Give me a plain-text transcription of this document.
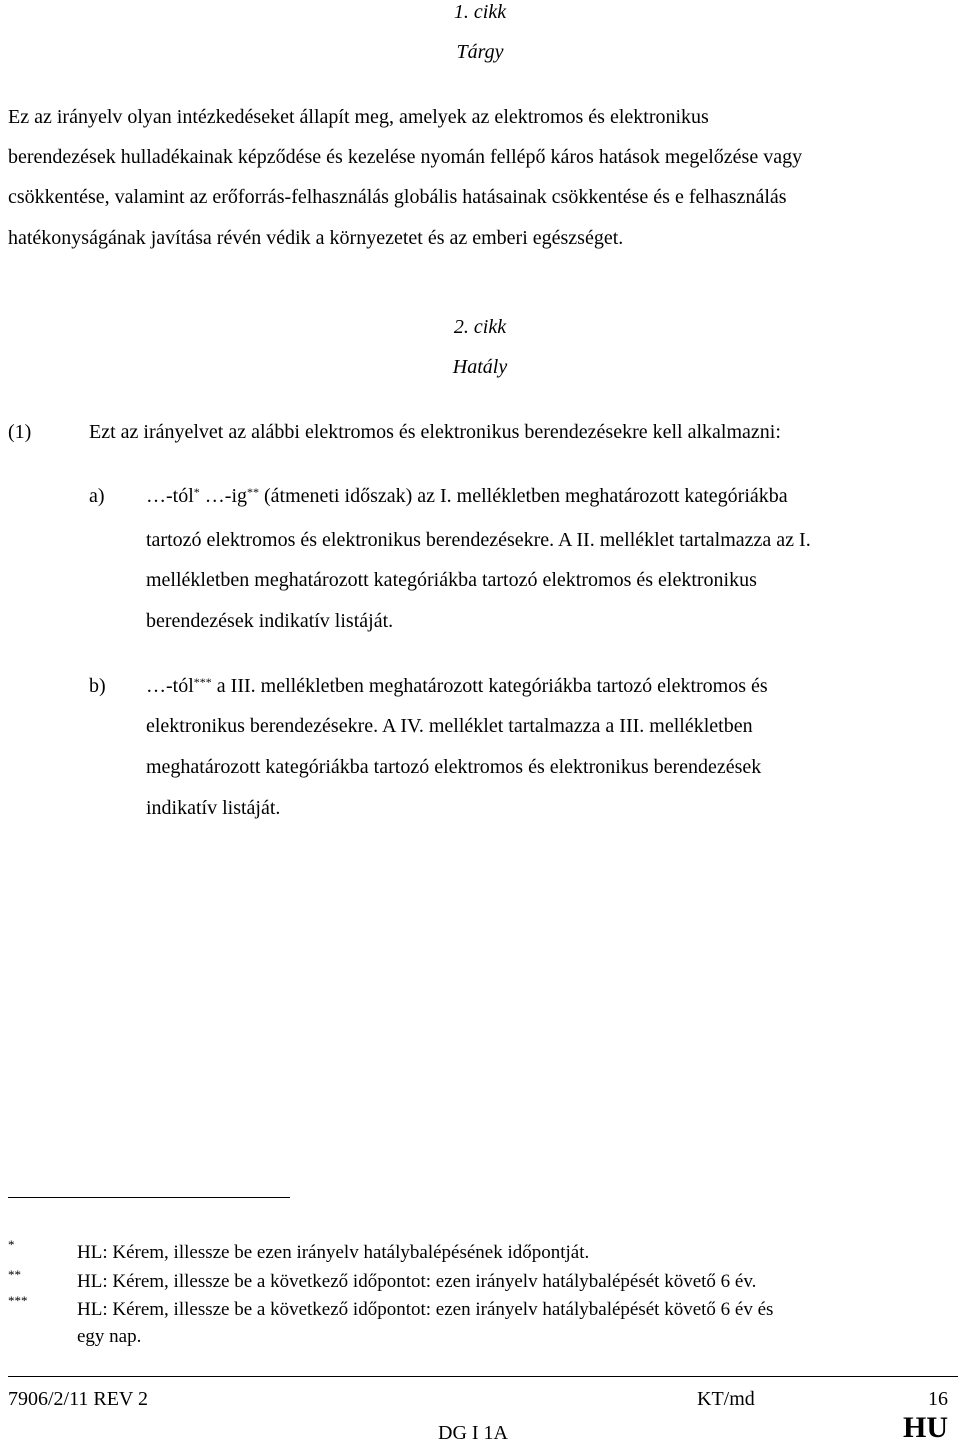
1. cikk
Tárgy
Ez az irányelv olyan intézkedéseket állapít meg, amelyek az elektromos és elektronikus
berendezések hulladékainak képződése és kezelése nyomán fellépő káros hatások megelőzése vagy
csökkentése, valamint az erőforrás-felhasználás globális hatásainak csökkentése és e felhasználás
hatékonyságának javítása révén védik a környezetet és az emberi egészséget.
2. cikk
Hatály
(1)	Ezt az irányelvet az alábbi elektromos és elektronikus berendezésekre kell alkalmazni:
a) …-tól* …-ig** (átmeneti időszak) az I. mellékletben meghatározott kategóriákba
tartozó elektromos és elektronikus berendezésekre. A II. melléklet tartalmazza az I.
mellékletben meghatározott kategóriákba tartozó elektromos és elektronikus
berendezések indikatív listáját.
b) …-tól*** a III. mellékletben meghatározott kategóriákba tartozó elektromos és
elektronikus berendezésekre. A IV. melléklet tartalmazza a III. mellékletben
meghatározott kategóriákba tartozó elektromos és elektronikus berendezések
indikatív listáját.
*	HL: Kérem, illessze be ezen irányelv hatálybalépésének időpontját.
**	HL: Kérem, illessze be a következő időpontot: ezen irányelv hatálybalépését követő 6 év.
***	HL: Kérem, illessze be a következő időpontot: ezen irányelv hatálybalépését követő 6 év és
egy nap.
7906/2/11 REV 2	KT/md	16
DG I 1A	HU
